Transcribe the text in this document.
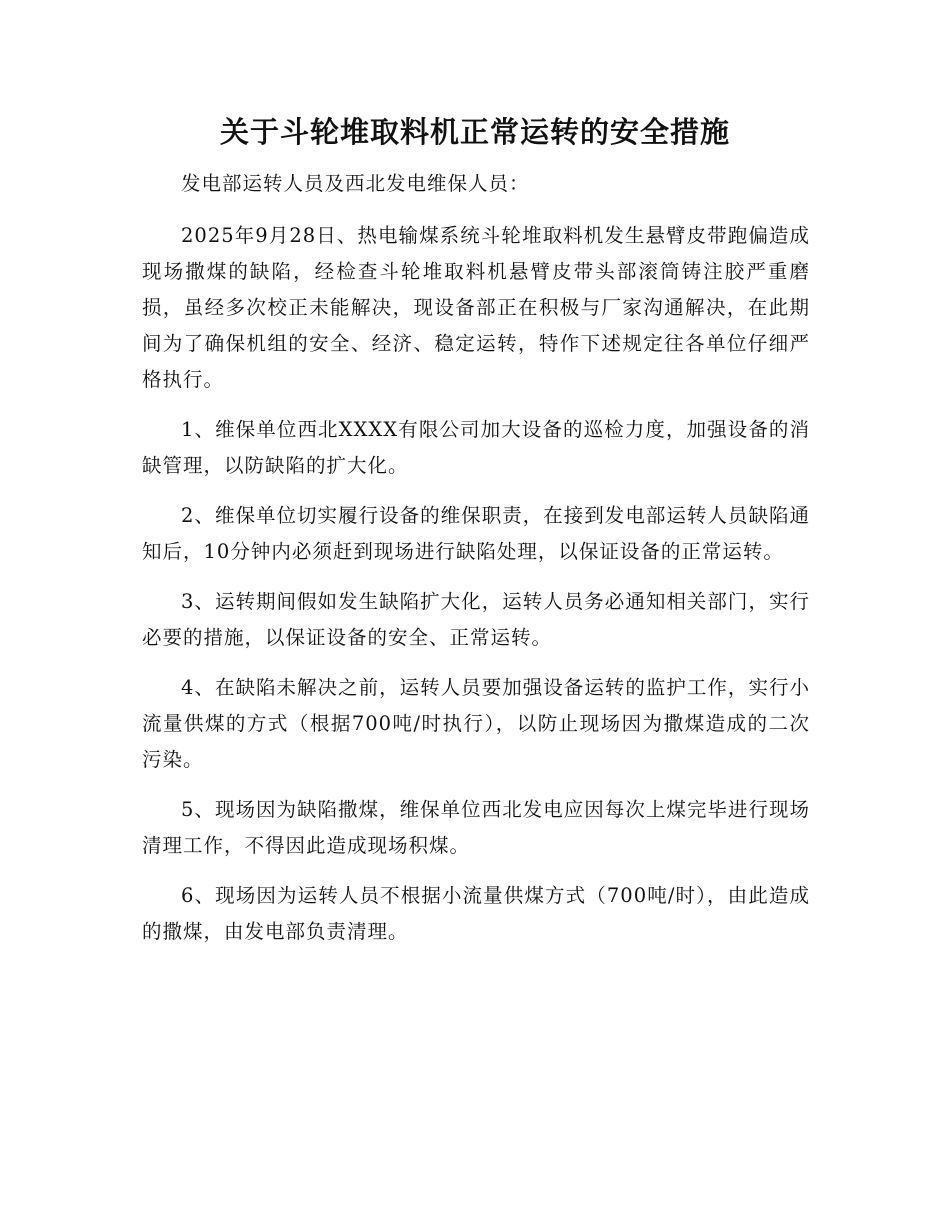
关于斗轮堆取料机正常运转的安全措施

发电部运转人员及西北发电维保人员：

2025年9月28日、热电输煤系统斗轮堆取料机发生悬臂皮带跑偏造成现场撒煤的缺陷，经检查斗轮堆取料机悬臂皮带头部滚筒铸注胶严重磨损，虽经多次校正未能解决，现设备部正在积极与厂家沟通解决，在此期间为了确保机组的安全、经济、稳定运转，特作下述规定往各单位仔细严格执行。

1、维保单位西北XXXX有限公司加大设备的巡检力度，加强设备的消缺管理，以防缺陷的扩大化。

2、维保单位切实履行设备的维保职责，在接到发电部运转人员缺陷通知后，10分钟内必须赶到现场进行缺陷处理，以保证设备的正常运转。

3、运转期间假如发生缺陷扩大化，运转人员务必通知相关部门，实行必要的措施，以保证设备的安全、正常运转。

4、在缺陷未解决之前，运转人员要加强设备运转的监护工作，实行小流量供煤的方式（根据700吨/时执行），以防止现场因为撒煤造成的二次污染。

5、现场因为缺陷撒煤，维保单位西北发电应因每次上煤完毕进行现场清理工作，不得因此造成现场积煤。

6、现场因为运转人员不根据小流量供煤方式（700吨/时），由此造成的撒煤，由发电部负责清理。
